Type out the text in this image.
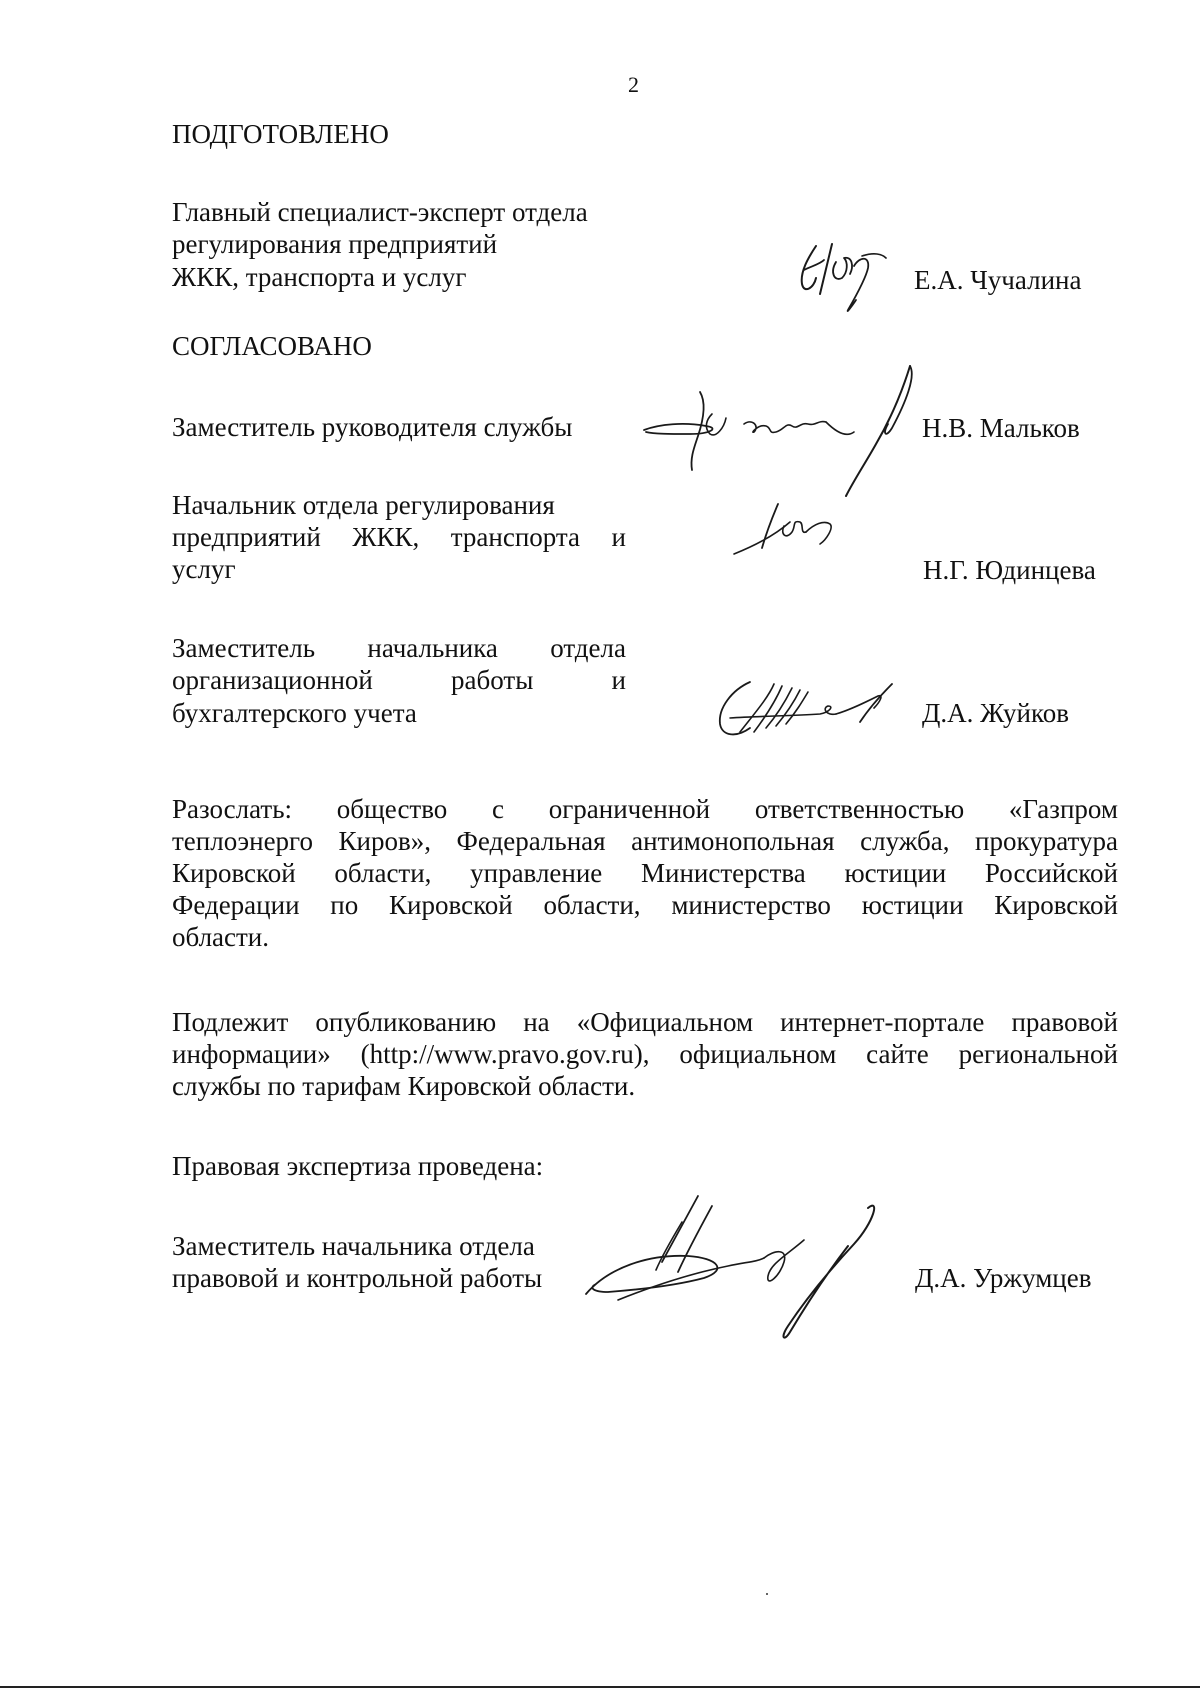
2
ПОДГОТОВЛЕНО
Главный специалист-эксперт отдела
регулирования предприятий
ЖКК, транспорта и услуг	Е.А. Чучалина
СОГЛАСОВАНО
Заместитель руководителя службы	Н.В. Мальков
Начальник отдела регулирования
предприятий ЖКК, транспорта и
услуг	Н.Г. Юдинцева
Заместитель начальника отдела
организационной	работы	и
бухгалтерского учета	Д.А. Жуйков
Разослать: общество с ограниченной ответственностью «Газпром
теплоэнерго Киров», Федеральная антимонопольная служба, прокуратура
Кировской области, управление Министерства юстиции Российской
Федерации по Кировской области, министерство юстиции Кировской
области.
Подлежит опубликованию на «Официальном интернет-портале правовой
информации» (http://www.pravo.gov.ru), официальном сайте региональной
службы по тарифам Кировской области.
Правовая экспертиза проведена:
Заместитель начальника отдела
правовой и контрольной работы	Д.А. Уржумцев
